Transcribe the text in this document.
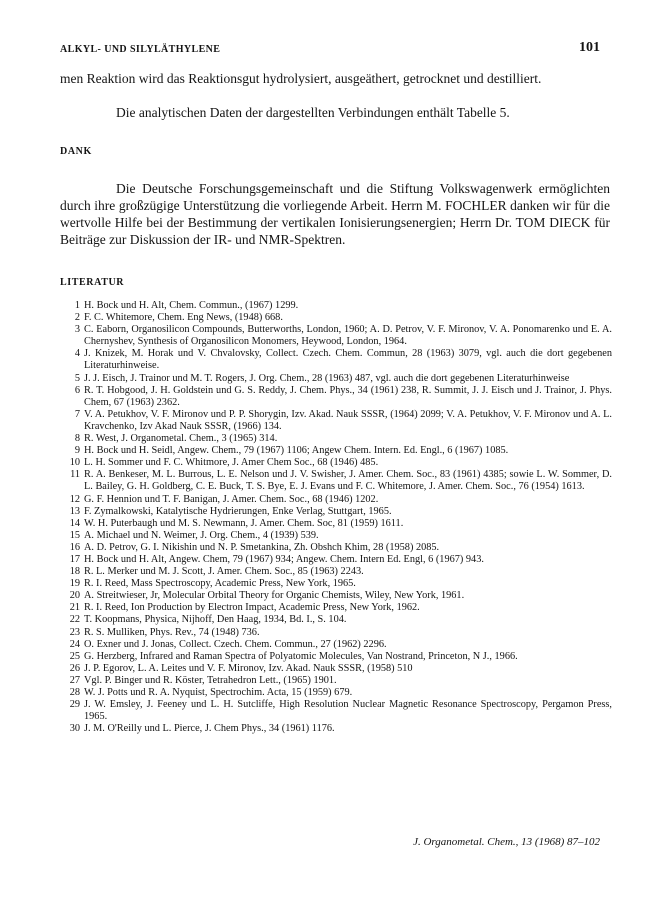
ALKYL- UND SILYLÄTHYLENE	101
men Reaktion wird das Reaktionsgut hydrolysiert, ausgeäthert, getrocknet und destilliert.
Die analytischen Daten der dargestellten Verbindungen enthält Tabelle 5.
DANK
Die Deutsche Forschungsgemeinschaft und die Stiftung Volkswagenwerk ermöglichten durch ihre großzügige Unterstützung die vorliegende Arbeit. Herrn M. FOCHLER danken wir für die wertvolle Hilfe bei der Bestimmung der vertikalen Ionisierungsenergien; Herrn Dr. TOM DIECK für Beiträge zur Diskussion der IR- und NMR-Spektren.
LITERATUR
1 H. Bock und H. Alt, Chem. Commun., (1967) 1299.
2 F. C. Whitemore, Chem. Eng News, (1948) 668.
3 C. Eaborn, Organosilicon Compounds, Butterworths, London, 1960; A. D. Petrov, V. F. Mironov, V. A. Ponomarenko und E. A. Chernyshev, Synthesis of Organosilicon Monomers, Heywood, London, 1964.
4 J. Knizek, M. Horak und V. Chvalovsky, Collect. Czech. Chem. Commun, 28 (1963) 3079, vgl. auch die dort gegebenen Literaturhinweise.
5 J. J. Eisch, J. Trainor und M. T. Rogers, J. Org. Chem., 28 (1963) 487, vgl. auch die dort gegebenen Literaturhinweise
6 R. T. Hobgood, J. H. Goldstein und G. S. Reddy, J. Chem. Phys., 34 (1961) 238, R. Summit, J. J. Eisch und J. Trainor, J. Phys. Chem, 67 (1963) 2362.
7 V. A. Petukhov, V. F. Mironov und P. P. Shorygin, Izv. Akad. Nauk SSSR, (1964) 2099; V. A. Petukhov, V. F. Mironov und A. L. Kravchenko, Izv Akad Nauk SSSR, (1966) 134.
8 R. West, J. Organometal. Chem., 3 (1965) 314.
9 H. Bock und H. Seidl, Angew. Chem., 79 (1967) 1106; Angew Chem. Intern. Ed. Engl., 6 (1967) 1085.
10 L. H. Sommer und F. C. Whitmore, J. Amer Chem Soc., 68 (1946) 485.
11 R. A. Benkeser, M. L. Burrous, L. E. Nelson und J. V. Swisher, J. Amer. Chem. Soc., 83 (1961) 4385; sowie L. W. Sommer, D. L. Bailey, G. H. Goldberg, C. E. Buck, T. S. Bye, E. J. Evans und F. C. Whitemore, J. Amer. Chem. Soc., 76 (1954) 1613.
12 G. F. Hennion und T. F. Banigan, J. Amer. Chem. Soc., 68 (1946) 1202.
13 F. Zymalkowski, Katalytische Hydrierungen, Enke Verlag, Stuttgart, 1965.
14 W. H. Puterbaugh und M. S. Newmann, J. Amer. Chem. Soc, 81 (1959) 1611.
15 A. Michael und N. Weimer, J. Org. Chem., 4 (1939) 539.
16 A. D. Petrov, G. I. Nikishin und N. P. Smetankina, Zh. Obshch Khim, 28 (1958) 2085.
17 H. Bock und H. Alt, Angew. Chem, 79 (1967) 934; Angew. Chem. Intern Ed. Engl, 6 (1967) 943.
18 R. L. Merker und M. J. Scott, J. Amer. Chem. Soc., 85 (1963) 2243.
19 R. I. Reed, Mass Spectroscopy, Academic Press, New York, 1965.
20 A. Streitwieser, Jr, Molecular Orbital Theory for Organic Chemists, Wiley, New York, 1961.
21 R. I. Reed, Ion Production by Electron Impact, Academic Press, New York, 1962.
22 T. Koopmans, Physica, Nijhoff, Den Haag, 1934, Bd. I., S. 104.
23 R. S. Mulliken, Phys. Rev., 74 (1948) 736.
24 O. Exner und J. Jonas, Collect. Czech. Chem. Commun., 27 (1962) 2296.
25 G. Herzberg, Infrared and Raman Spectra of Polyatomic Molecules, Van Nostrand, Princeton, N J., 1966.
26 J. P. Egorov, L. A. Leites und V. F. Mironov, Izv. Akad. Nauk SSSR, (1958) 510
27 Vgl. P. Binger und R. Köster, Tetrahedron Lett., (1965) 1901.
28 W. J. Potts und R. A. Nyquist, Spectrochim. Acta, 15 (1959) 679.
29 J. W. Emsley, J. Feeney und L. H. Sutcliffe, High Resolution Nuclear Magnetic Resonance Spectroscopy, Pergamon Press, 1965.
30 J. M. O'Reilly und L. Pierce, J. Chem Phys., 34 (1961) 1176.
J. Organometal. Chem., 13 (1968) 87–102
